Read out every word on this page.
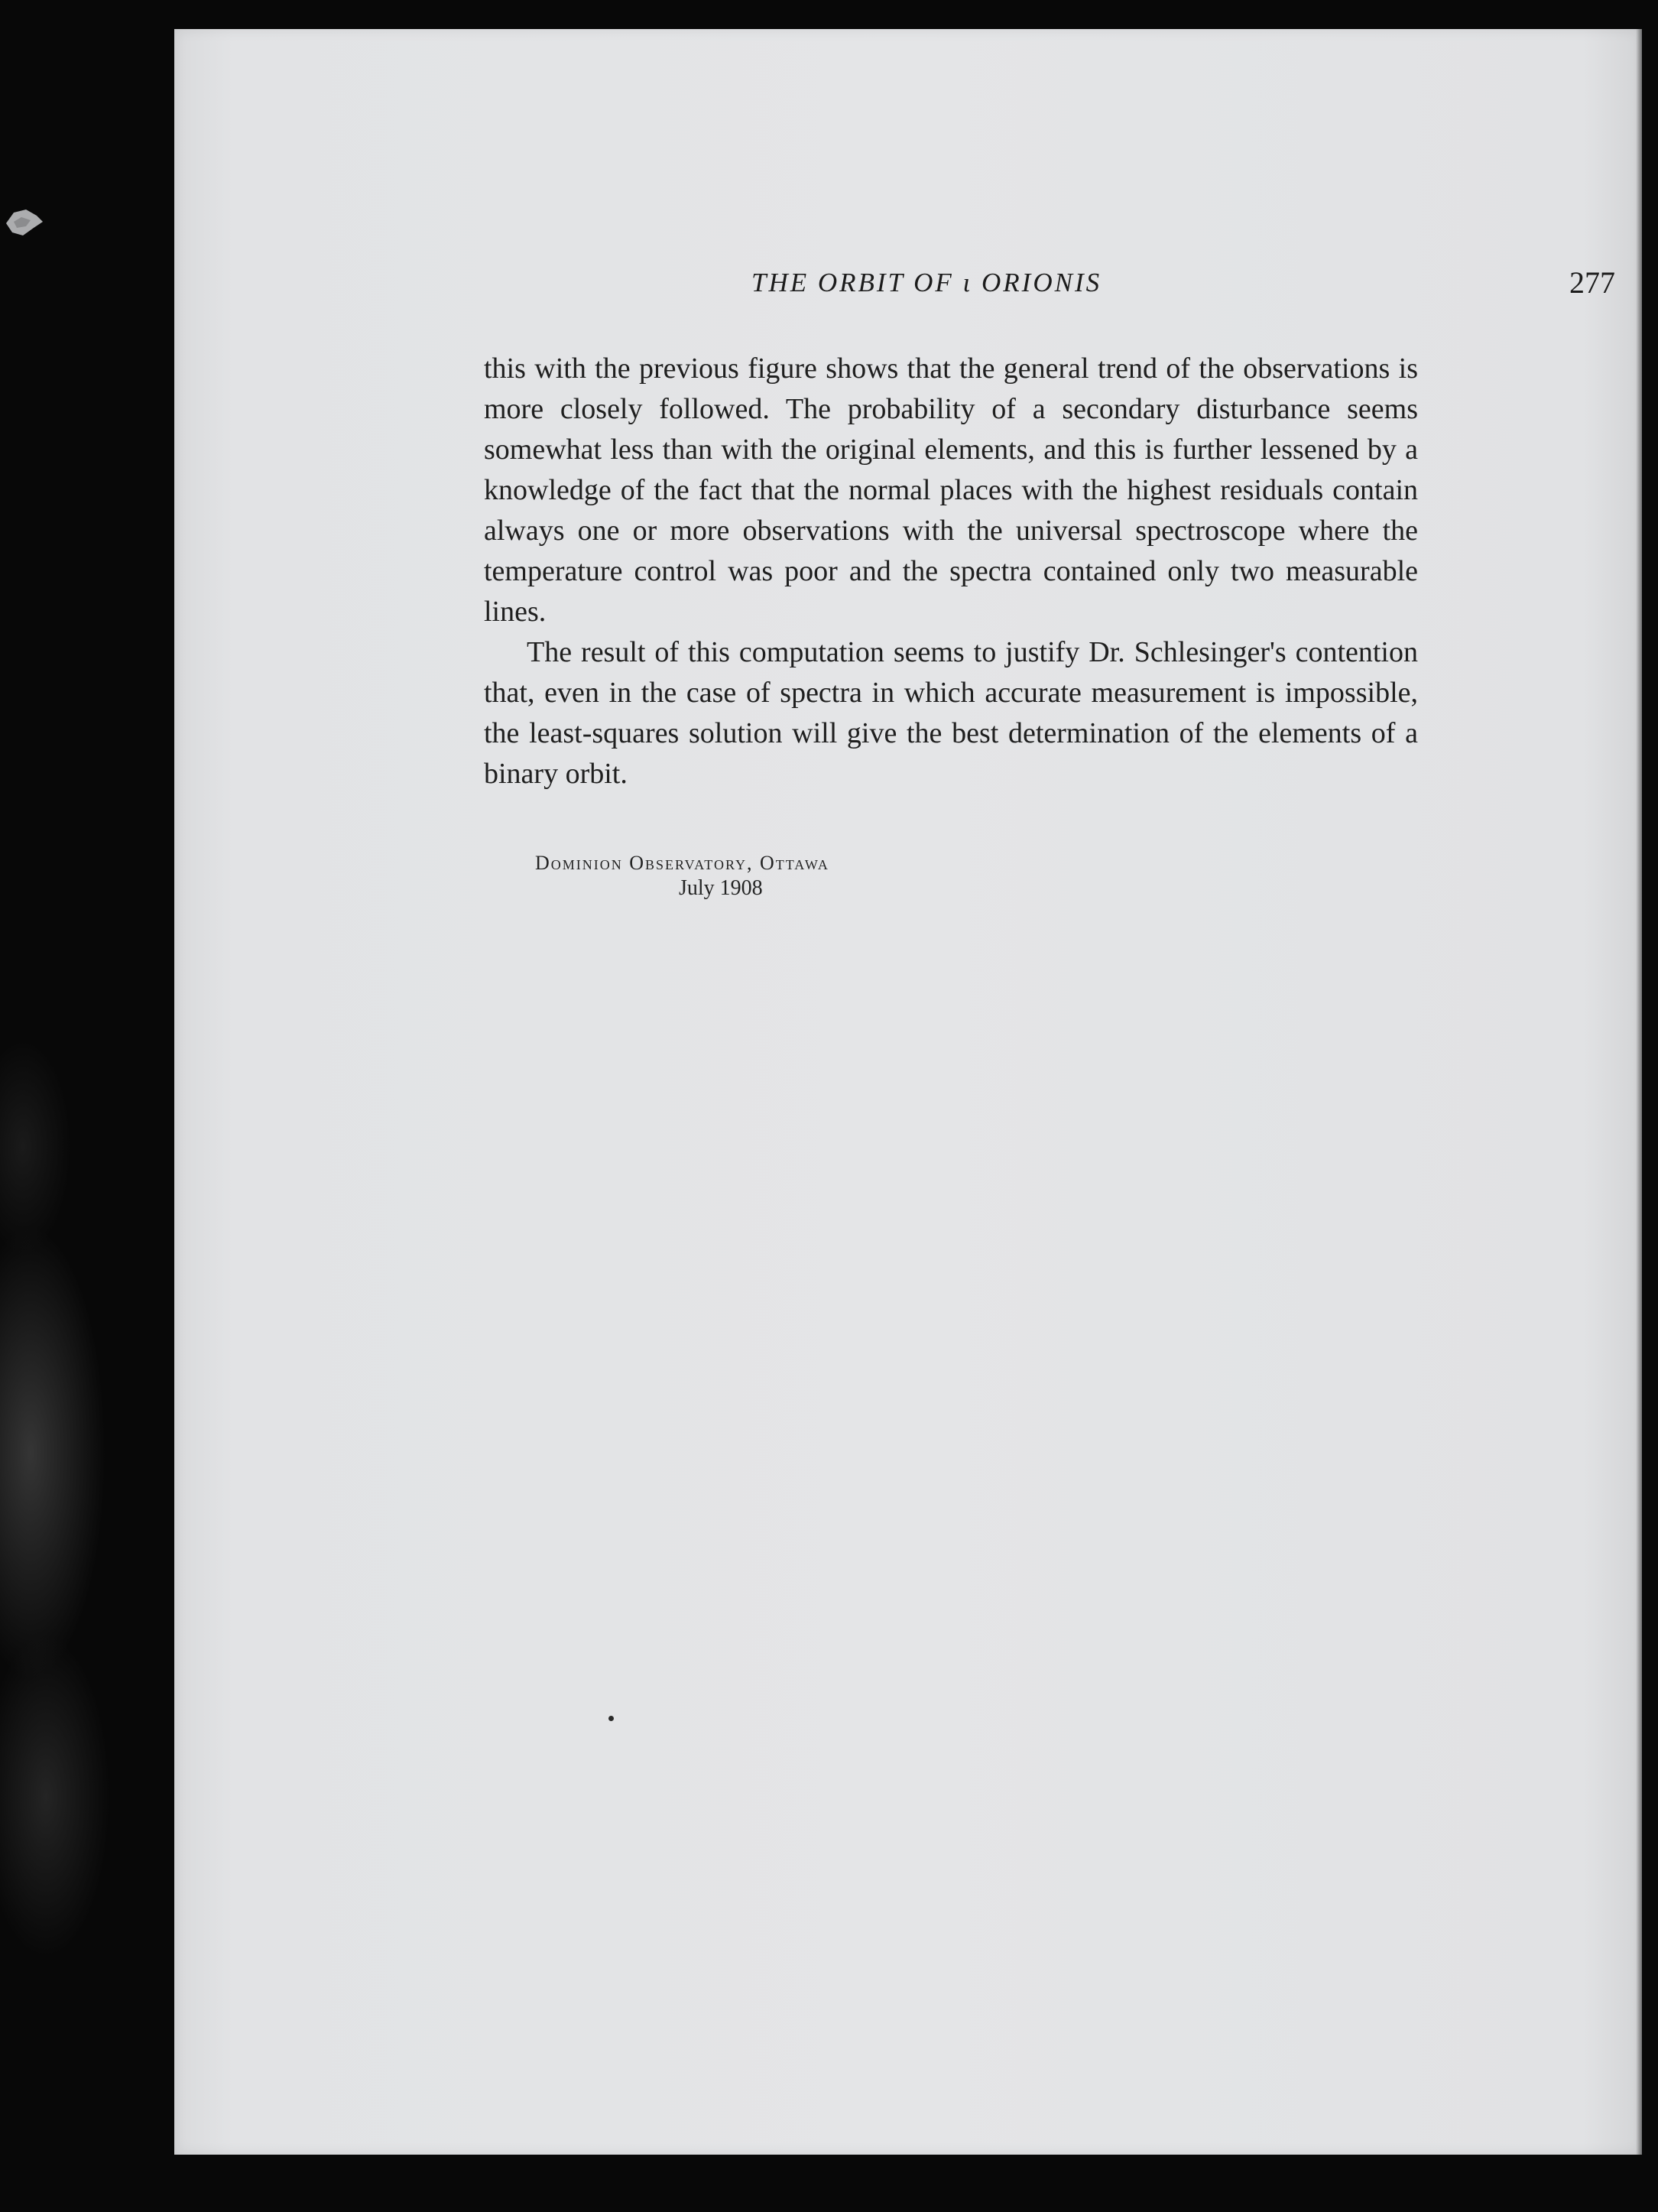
THE ORBIT OF ι ORIONIS	277

this with the previous figure shows that the general trend of the observations is more closely followed. The probability of a secondary disturbance seems somewhat less than with the original elements, and this is further lessened by a knowledge of the fact that the normal places with the highest residuals contain always one or more observations with the universal spectroscope where the temperature control was poor and the spectra contained only two measurable lines.

The result of this computation seems to justify Dr. Schlesinger's contention that, even in the case of spectra in which accurate measurement is impossible, the least-squares solution will give the best determination of the elements of a binary orbit.

Dominion Observatory, Ottawa
July 1908
